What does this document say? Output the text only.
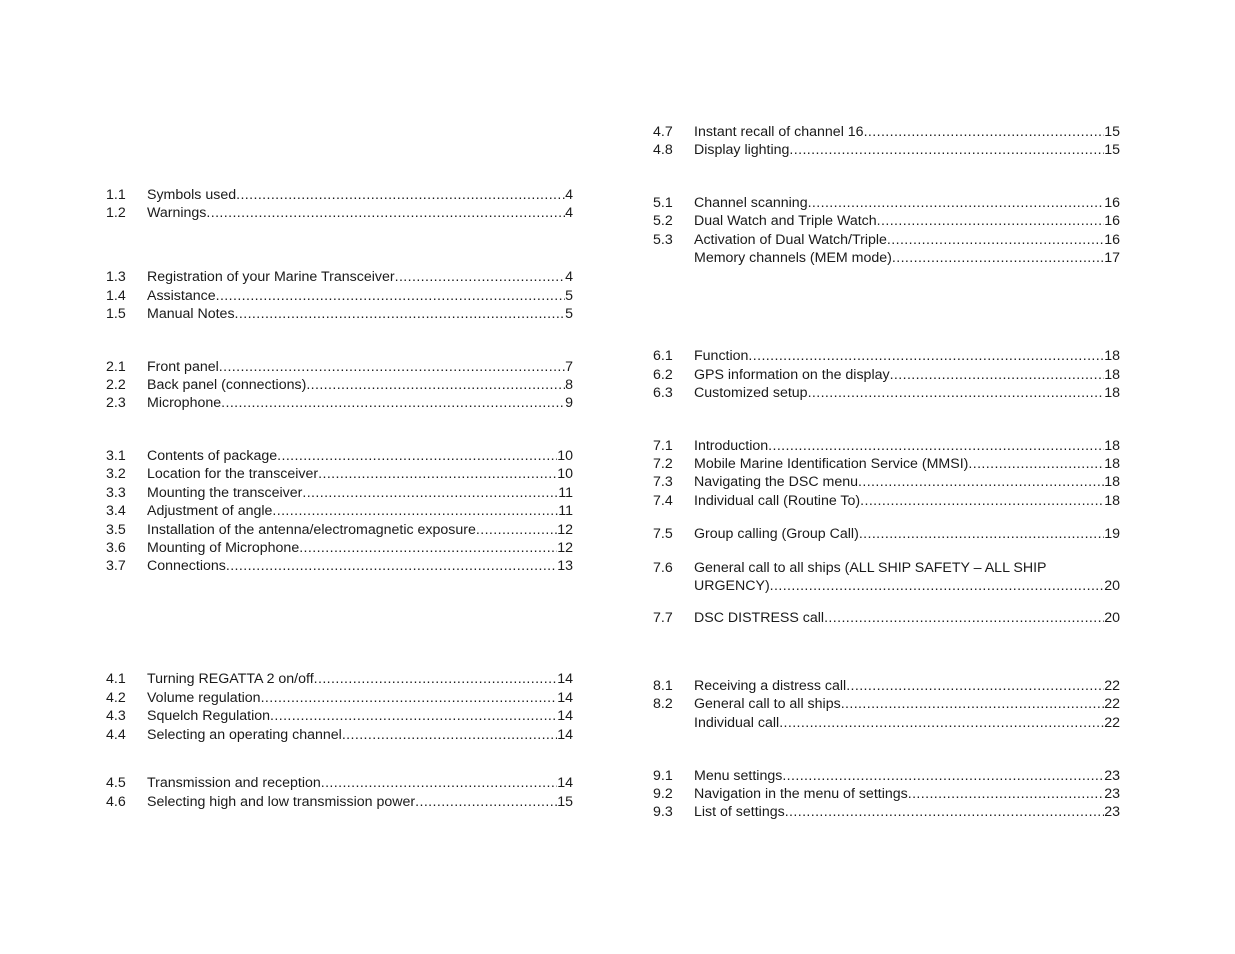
1.1 Symbols used .....	4
1.2 Warnings .....	4
1.3 Registration of your Marine Transceiver .....	4
1.4 Assistance .....	5
1.5 Manual Notes .....	5
2.1 Front panel .....	7
2.2 Back panel (connections) .....	8
2.3 Microphone .....	9
3.1 Contents of package .....	10
3.2 Location for the transceiver .....	10
3.3 Mounting the transceiver .....	11
3.4 Adjustment of angle .....	11
3.5 Installation of the antenna/electromagnetic exposure .....	12
3.6 Mounting of Microphone .....	12
3.7 Connections .....	13
4.1 Turning REGATTA 2 on/off .....	14
4.2 Volume regulation .....	14
4.3 Squelch Regulation .....	14
4.4 Selecting an operating channel .....	14
4.5 Transmission and reception .....	14
4.6 Selecting high and low transmission power .....	15
4.7 Instant recall of channel 16 .....	15
4.8 Display lighting .....	15
5.1 Channel scanning .....	16
5.2 Dual Watch and Triple Watch .....	16
5.3 Activation of Dual Watch/Triple .....	16
Memory channels (MEM mode) .....	17
6.1 Function .....	18
6.2 GPS information on the display .....	18
6.3 Customized setup .....	18
7.1 Introduction .....	18
7.2 Mobile Marine Identification Service (MMSI) .....	18
7.3 Navigating the DSC menu .....	18
7.4 Individual call (Routine To) .....	18
7.5 Group calling (Group Call) .....	19
7.6 General call to all ships (ALL SHIP SAFETY – ALL SHIP
URGENCY) .....	20
7.7 DSC DISTRESS call .....	20
8.1 Receiving a distress call .....	22
8.2 General call to all ships .....	22
Individual call .....	22
9.1 Menu settings .....	23
9.2 Navigation in the menu of settings .....	23
9.3 List of settings .....	23
